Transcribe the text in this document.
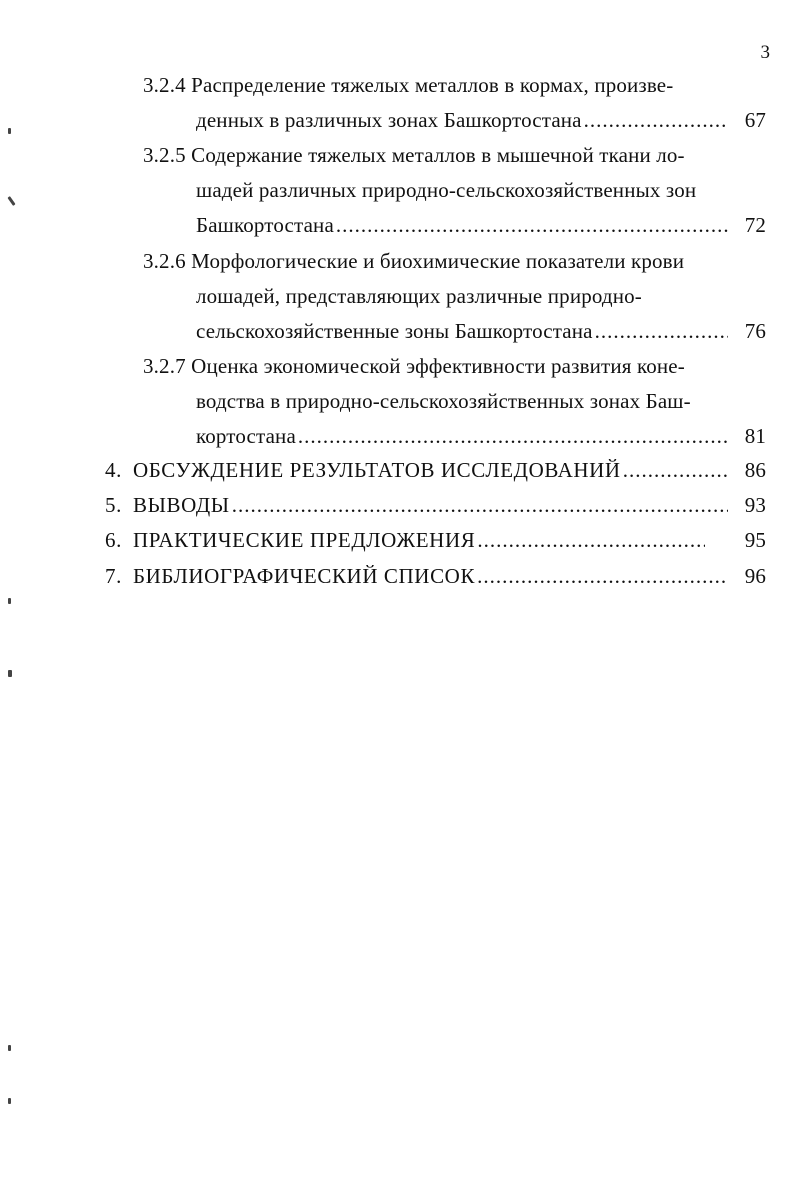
3
3.2.4 Распределение тяжелых металлов в кормах, произве-
денных в различных зонах Башкортостана .....	67
3.2.5 Содержание тяжелых металлов в мышечной ткани ло-
шадей различных природно-сельскохозяйственных зон
Башкортостана .....	72
3.2.6 Морфологические и биохимические показатели крови
лошадей, представляющих различные природно-
сельскохозяйственные зоны Башкортостана .....	76
3.2.7 Оценка экономической эффективности развития коне-
водства в природно-сельскохозяйственных зонах Баш-
кортостана .....	81
4. ОБСУЖДЕНИЕ РЕЗУЛЬТАТОВ ИССЛЕДОВАНИЙ .....	86
5. ВЫВОДЫ .....	93
6. ПРАКТИЧЕСКИЕ ПРЕДЛОЖЕНИЯ .....	95
7. БИБЛИОГРАФИЧЕСКИЙ СПИСОК .....	96
